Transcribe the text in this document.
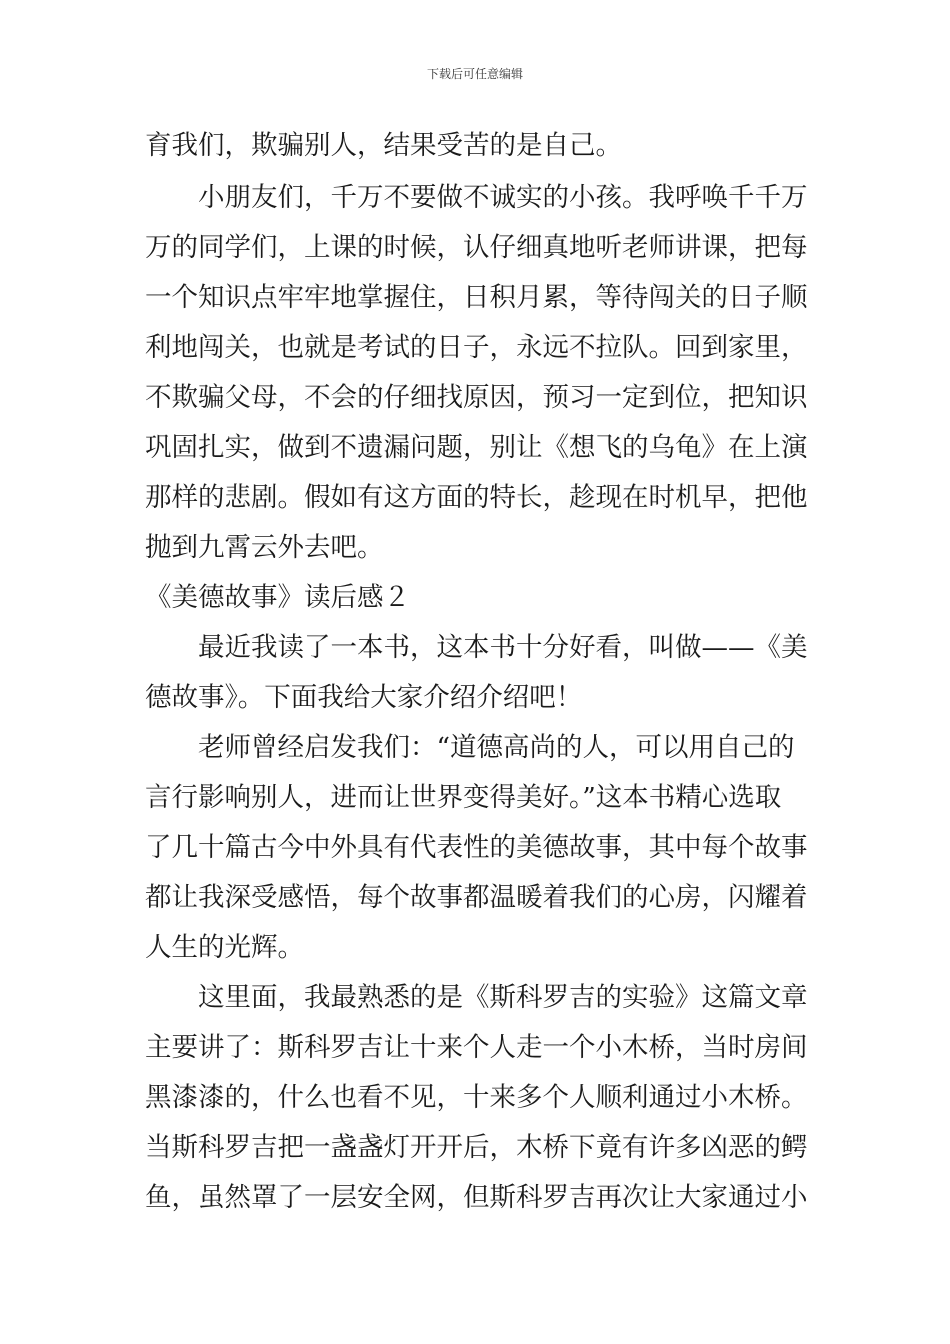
下载后可任意编辑
育我们，欺骗别人，结果受苦的是自己。
小朋友们，千万不要做不诚实的小孩。我呼唤千千万
万的同学们，上课的时候，认仔细真地听老师讲课，把每
一个知识点牢牢地掌握住，日积月累，等待闯关的日子顺
利地闯关，也就是考试的日子，永远不拉队。回到家里，
不欺骗父母，不会的仔细找原因，预习一定到位，把知识
巩固扎实，做到不遗漏问题，别让《想飞的乌龟》在上演
那样的悲剧。假如有这方面的特长，趁现在时机早，把他
抛到九霄云外去吧。
《美德故事》读后感２
最近我读了一本书，这本书十分好看，叫做——《美
德故事》。下面我给大家介绍介绍吧！
老师曾经启发我们：“道德高尚的人，可以用自己的
言行影响别人，进而让世界变得美好。”这本书精心选取
了几十篇古今中外具有代表性的美德故事，其中每个故事
都让我深受感悟，每个故事都温暖着我们的心房，闪耀着
人生的光辉。
这里面，我最熟悉的是《斯科罗吉的实验》这篇文章
主要讲了：斯科罗吉让十来个人走一个小木桥，当时房间
黑漆漆的，什么也看不见，十来多个人顺利通过小木桥。
当斯科罗吉把一盏盏灯开开后，木桥下竟有许多凶恶的鳄
鱼，虽然罩了一层安全网，但斯科罗吉再次让大家通过小
